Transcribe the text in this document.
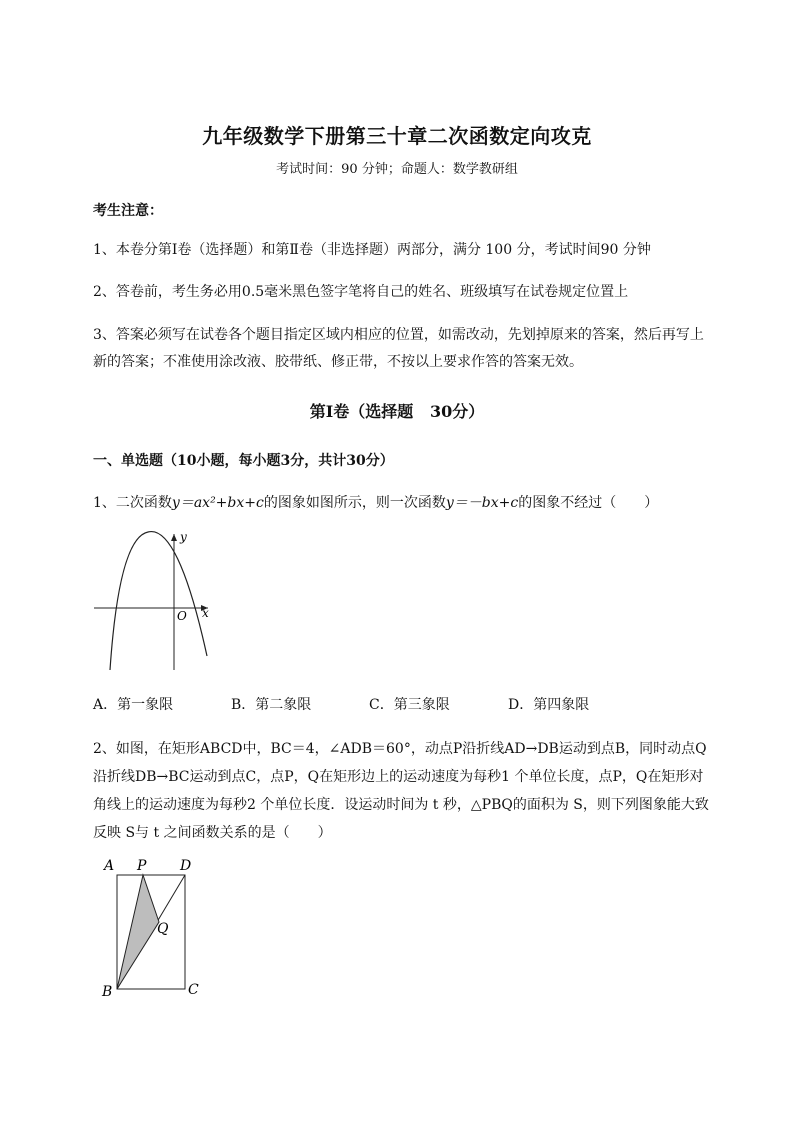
九年级数学下册第三十章二次函数定向攻克
考试时间：90 分钟；命题人：数学教研组
考生注意：
1、本卷分第Ⅰ卷（选择题）和第Ⅱ卷（非选择题）两部分，满分 100 分，考试时间90 分钟
2、答卷前，考生务必用0.5毫米黑色签字笔将自己的姓名、班级填写在试卷规定位置上
3、答案必须写在试卷各个题目指定区域内相应的位置，如需改动，先划掉原来的答案，然后再写上新的答案；不准使用涂改液、胶带纸、修正带，不按以上要求作答的答案无效。
第Ⅰ卷（选择题   30分）
一、单选题（10小题，每小题3分，共计30分）
1、二次函数y＝ax²+bx+c的图象如图所示，则一次函数y＝－bx+c的图象不经过（　　）
y
x
O
A．第一象限	B．第二象限	C．第三象限	D．第四象限
2、如图，在矩形ABCD中，BC＝4，∠ADB＝60°，动点P沿折线AD→DB运动到点B，同时动点Q沿折线DB→BC运动到点C，点P，Q在矩形边上的运动速度为每秒1 个单位长度，点P，Q在矩形对角线上的运动速度为每秒2 个单位长度．设运动时间为 t 秒，△PBQ的面积为 S，则下列图象能大致反映 S与 t 之间函数关系的是（　　）
A P D
Q
B	C
